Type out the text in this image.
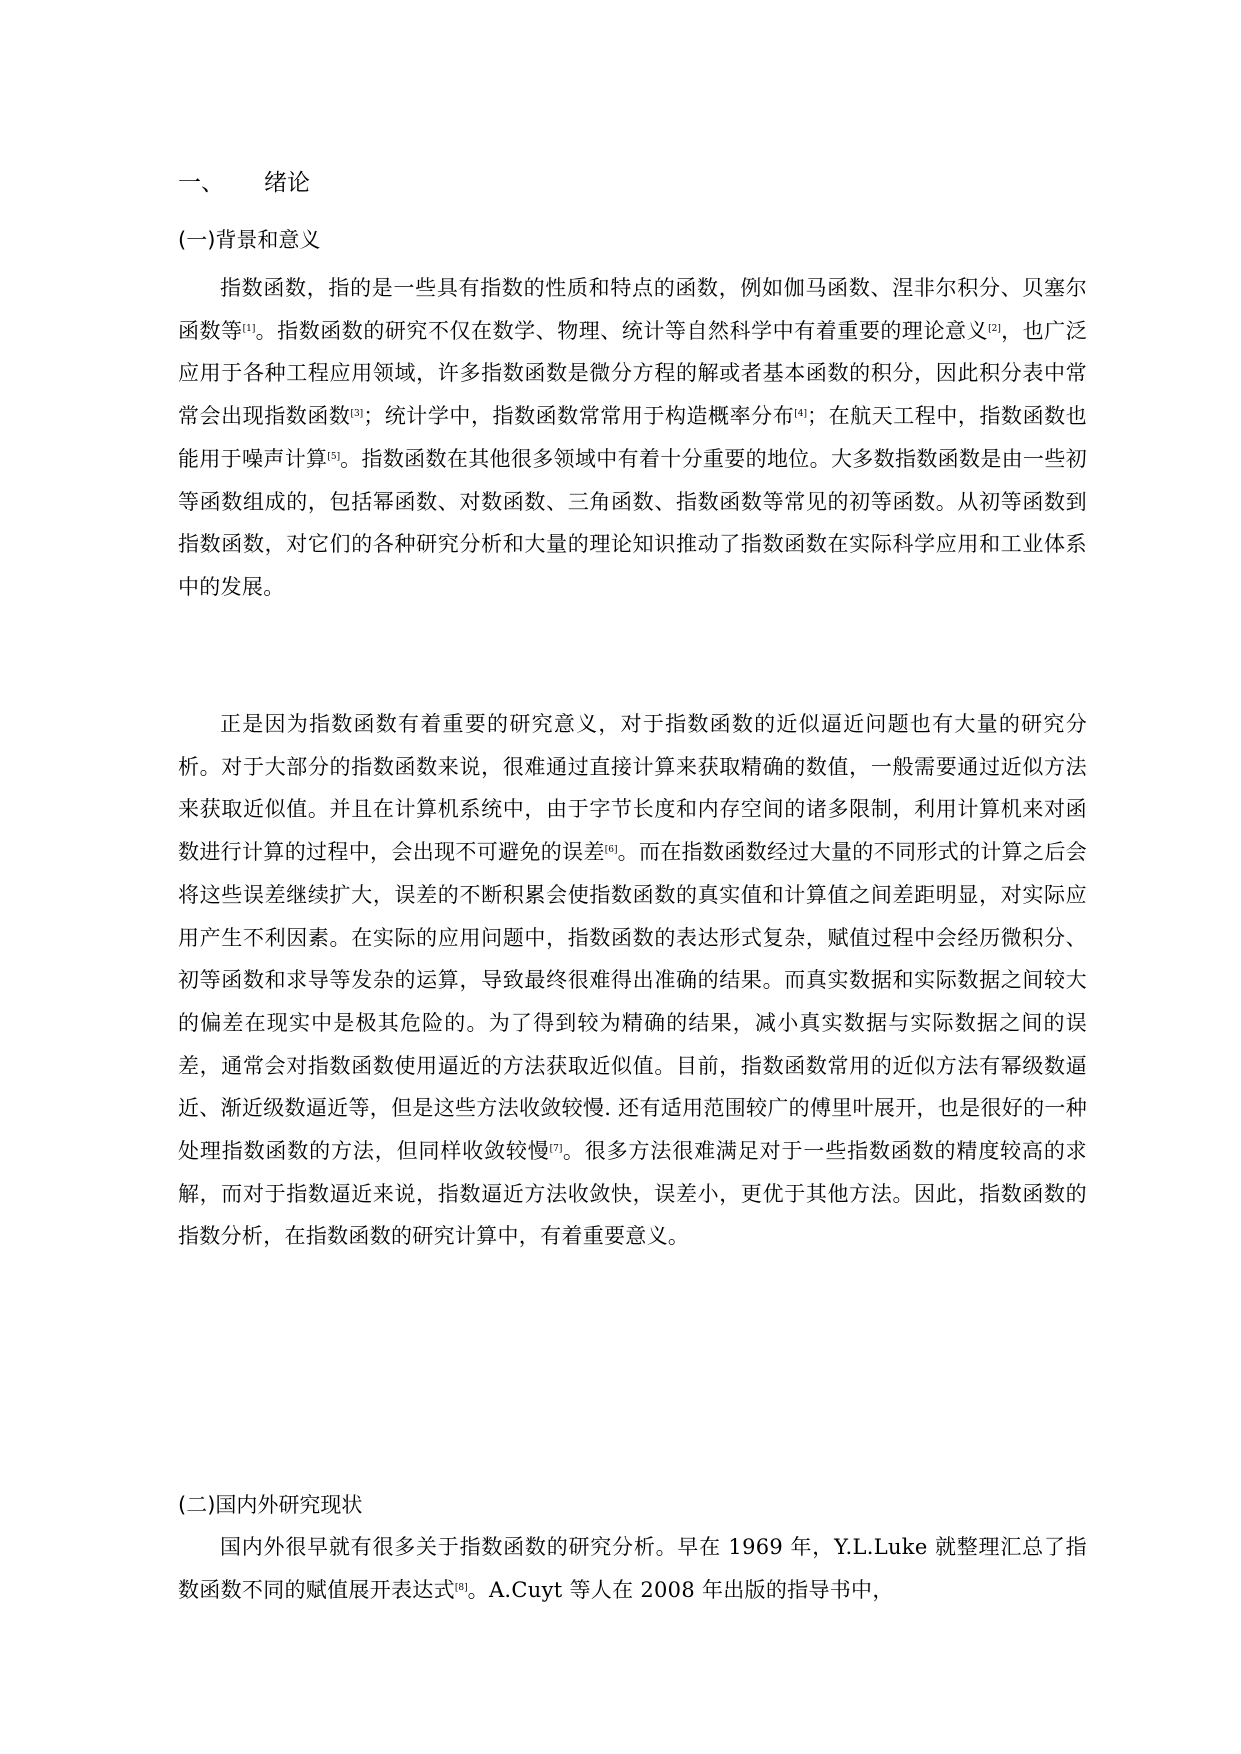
一、 绪论
(一)背景和意义

指数函数，指的是一些具有指数的性质和特点的函数，例如伽马函数、涅非尔积分、贝塞尔函数等[1]。指数函数的研究不仅在数学、物理、统计等自然科学中有着重要的理论意义[2]，也广泛应用于各种工程应用领域，许多指数函数是微分方程的解或者基本函数的积分，因此积分表中常常会出现指数函数[3]；统计学中，指数函数常常用于构造概率分布[4]；在航天工程中，指数函数也能用于噪声计算[5]。指数函数在其他很多领域中有着十分重要的地位。大多数指数函数是由一些初等函数组成的，包括幂函数、对数函数、三角函数、指数函数等常见的初等函数。从初等函数到指数函数，对它们的各种研究分析和大量的理论知识推动了指数函数在实际科学应用和工业体系中的发展。

正是因为指数函数有着重要的研究意义，对于指数函数的近似逼近问题也有大量的研究分析。对于大部分的指数函数来说，很难通过直接计算来获取精确的数值，一般需要通过近似方法来获取近似值。并且在计算机系统中，由于字节长度和内存空间的诸多限制，利用计算机来对函数进行计算的过程中，会出现不可避免的误差[6]。而在指数函数经过大量的不同形式的计算之后会将这些误差继续扩大，误差的不断积累会使指数函数的真实值和计算值之间差距明显，对实际应用产生不利因素。在实际的应用问题中，指数函数的表达形式复杂，赋值过程中会经历微积分、初等函数和求导等发杂的运算，导致最终很难得出准确的结果。而真实数据和实际数据之间较大的偏差在现实中是极其危险的。为了得到较为精确的结果，减小真实数据与实际数据之间的误差，通常会对指数函数使用逼近的方法获取近似值。目前，指数函数常用的近似方法有幂级数逼近、渐近级数逼近等，但是这些方法收敛较慢. 还有适用范围较广的傅里叶展开，也是很好的一种处理指数函数的方法，但同样收敛较慢[7]。很多方法很难满足对于一些指数函数的精度较高的求解，而对于指数逼近来说，指数逼近方法收敛快，误差小，更优于其他方法。因此，指数函数的指数分析，在指数函数的研究计算中，有着重要意义。

(二)国内外研究现状

国内外很早就有很多关于指数函数的研究分析。早在 1969 年，Y.L.Luke 就整理汇总了指数函数不同的赋值展开表达式[8]。A.Cuyt 等人在 2008 年出版的指导书中，
